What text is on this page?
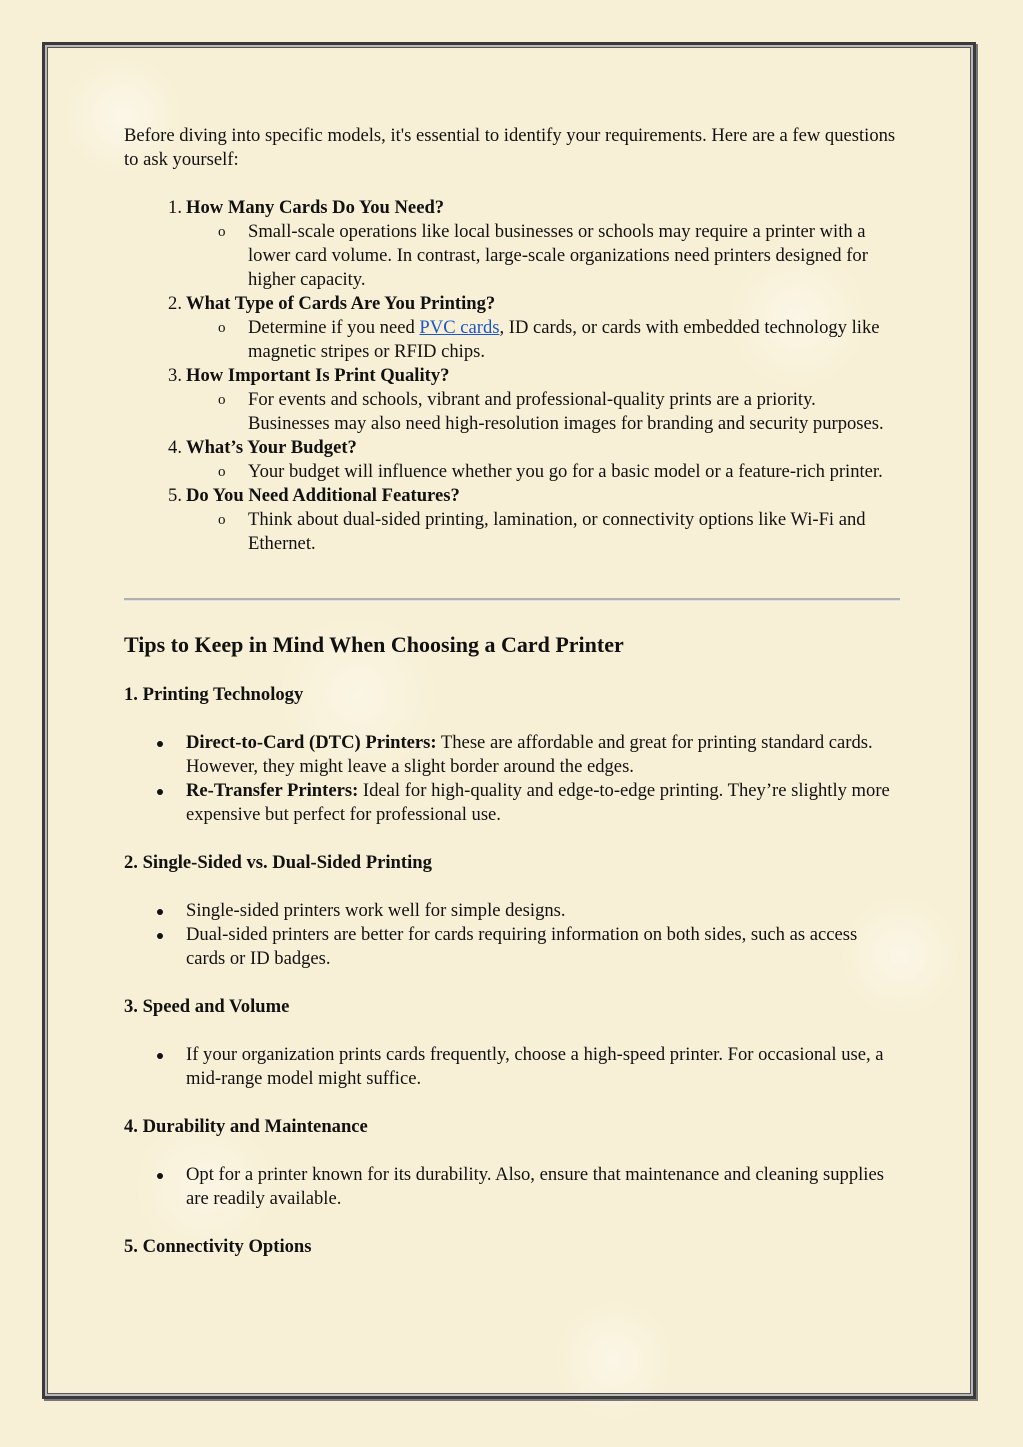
Before diving into specific models, it's essential to identify your requirements. Here are a few questions to ask yourself:

1. How Many Cards Do You Need?
o Small-scale operations like local businesses or schools may require a printer with a lower card volume. In contrast, large-scale organizations need printers designed for higher capacity.
2. What Type of Cards Are You Printing?
o Determine if you need PVC cards, ID cards, or cards with embedded technology like magnetic stripes or RFID chips.
3. How Important Is Print Quality?
o For events and schools, vibrant and professional-quality prints are a priority. Businesses may also need high-resolution images for branding and security purposes.
4. What’s Your Budget?
o Your budget will influence whether you go for a basic model or a feature-rich printer.
5. Do You Need Additional Features?
o Think about dual-sided printing, lamination, or connectivity options like Wi-Fi and Ethernet.
Tips to Keep in Mind When Choosing a Card Printer
1. Printing Technology
Direct-to-Card (DTC) Printers: These are affordable and great for printing standard cards. However, they might leave a slight border around the edges.
Re-Transfer Printers: Ideal for high-quality and edge-to-edge printing. They’re slightly more expensive but perfect for professional use.
2. Single-Sided vs. Dual-Sided Printing
Single-sided printers work well for simple designs.
Dual-sided printers are better for cards requiring information on both sides, such as access cards or ID badges.
3. Speed and Volume
If your organization prints cards frequently, choose a high-speed printer. For occasional use, a mid-range model might suffice.
4. Durability and Maintenance
Opt for a printer known for its durability. Also, ensure that maintenance and cleaning supplies are readily available.
5. Connectivity Options
